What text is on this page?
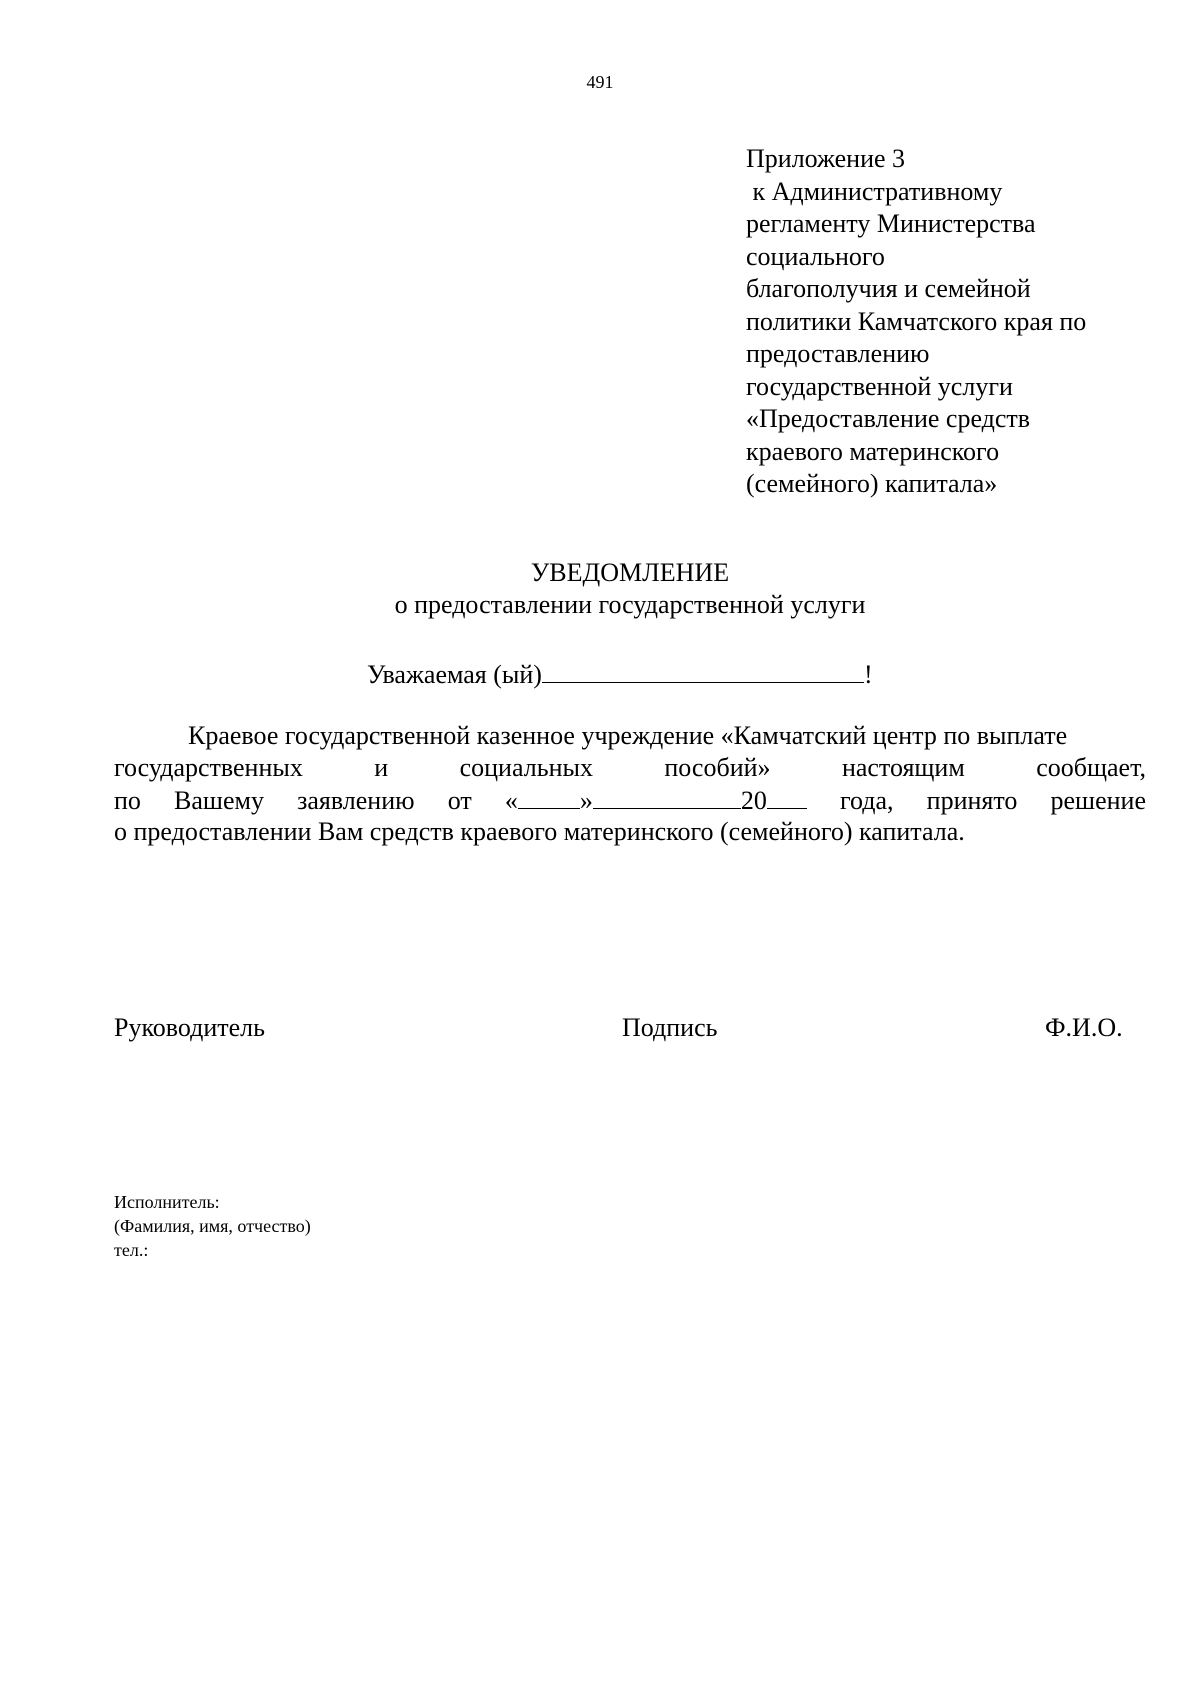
491
Приложение 3
к Административному
регламенту Министерства
социального
благополучия и семейной
политики Камчатского края по
предоставлению
государственной услуги
«Предоставление средств
краевого материнского
(семейного) капитала»
УВЕДОМЛЕНИЕ
о предоставлении государственной услуги
Уважаемая (ый)	!
Краевое государственной казенное учреждение «Камчатский центр по выплате
государственных	и	социальных	пособий»	настоящим	сообщает,
по Вашему заявлению от « »	20 года, принято решение
о предоставлении Вам средств краевого материнского (семейного) капитала.
Руководитель	Подпись	Ф.И.О.
Исполнитель:
(Фамилия, имя, отчество)
тел.:
